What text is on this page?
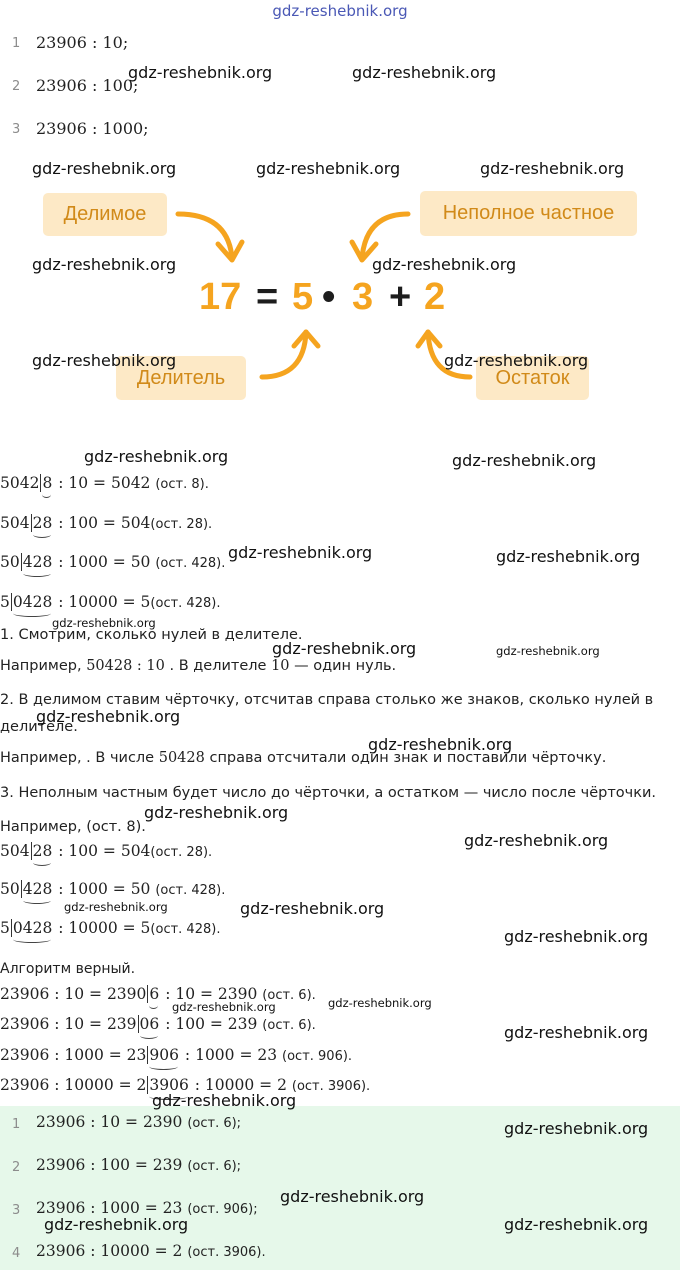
gdz-reshebnik.org
1 23906 : 10;
2 23906 : 100;
3 23906 : 1000;
Делимое	Неполное частное
Делитель	Остаток
17 = 5 • 3 + 2
5042 8 : 10 = 5042 (ост. 8).
504 28 : 100 = 504(ост. 28).
50 428 : 1000 = 50 (ост. 428).
5 0428 : 10000 = 5(ост. 428).
1. Смотрим, сколько нулей в делителе.
Например, 50428 : 10 . В делителе 10 — один нуль.
2. В делимом ставим чёрточку, отсчитав справа столько же знаков, сколько нулей в
делителе.
Например, . В числе 50428 справа отсчитали один знак и поставили чёрточку.
3. Неполным частным будет число до чёрточки, а остатком — число после чёрточки.
Например, (ост. 8).
504 28 : 100 = 504(ост. 28).
50 428 : 1000 = 50 (ост. 428).
5 0428 : 10000 = 5(ост. 428).
Алгоритм верный.
23906 : 10 = 2390 6 : 10 = 2390 (ост. 6).
23906 : 10 = 239 06 : 100 = 239 (ост. 6).
23906 : 1000 = 23 906 : 1000 = 23 (ост. 906).
23906 : 10000 = 2 3906 : 10000 = 2 (ост. 3906).
1 23906 : 10 = 2390 (ост. 6);
2 23906 : 100 = 239 (ост. 6);
3 23906 : 1000 = 23 (ост. 906);
4 23906 : 10000 = 2 (ост. 3906).
gdz-reshebnik.org	gdz-reshebnik.org
gdz-reshebnik.org	gdz-reshebnik.org	gdz-reshebnik.org
gdz-reshebnik.org	gdz-reshebnik.org
gdz-reshebnik.org	gdz-reshebnik.org
gdz-reshebnik.org	gdz-reshebnik.org
gdz-reshebnik.org	gdz-reshebnik.org
gdz-reshebnik.org
gdz-reshebnik.org	gdz-reshebnik.org
gdz-reshebnik.org
gdz-reshebnik.org
gdz-reshebnik.org
gdz-reshebnik.org
gdz-reshebnik.org	gdz-reshebnik.org
gdz-reshebnik.org
gdz-reshebnik.org
gdz-reshebnik.org
gdz-reshebnik.org
gdz-reshebnik.org
gdz-reshebnik.org
gdz-reshebnik.org
gdz-reshebnik.org	gdz-reshebnik.org
